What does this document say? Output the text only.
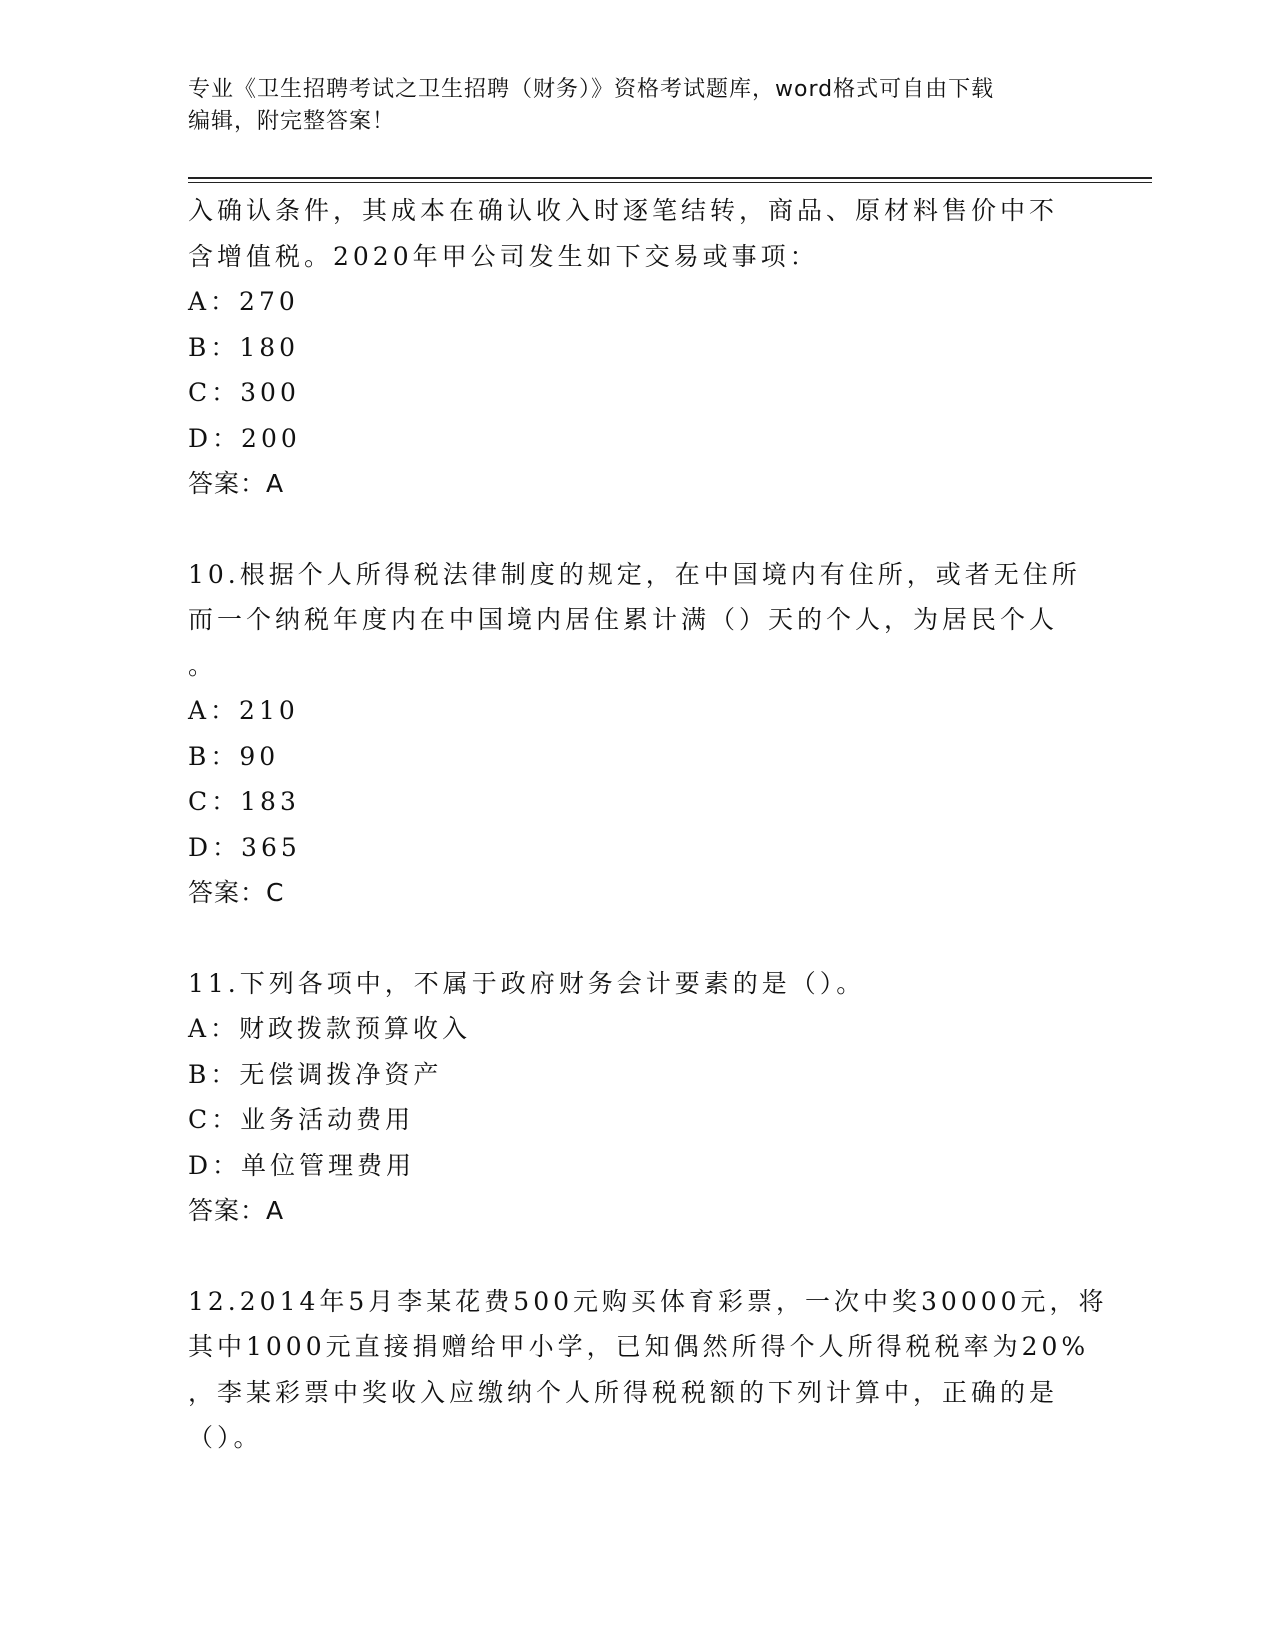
专业《卫生招聘考试之卫生招聘（财务）》资格考试题库，word格式可自由下载
编辑，附完整答案！
入确认条件，其成本在确认收入时逐笔结转，商品、原材料售价中不
含增值税。2020年甲公司发生如下交易或事项：
A：270
B：180
C：300
D：200
答案：A
10.根据个人所得税法律制度的规定，在中国境内有住所，或者无住所
而一个纳税年度内在中国境内居住累计满（）天的个人，为居民个人
。
A：210
B：90
C：183
D：365
答案：C
11.下列各项中，不属于政府财务会计要素的是（）。
A：财政拨款预算收入
B：无偿调拨净资产
C：业务活动费用
D：单位管理费用
答案：A
12.2014年5月李某花费500元购买体育彩票，一次中奖30000元，将
其中1000元直接捐赠给甲小学，已知偶然所得个人所得税税率为20%
，李某彩票中奖收入应缴纳个人所得税税额的下列计算中，正确的是
（）。
